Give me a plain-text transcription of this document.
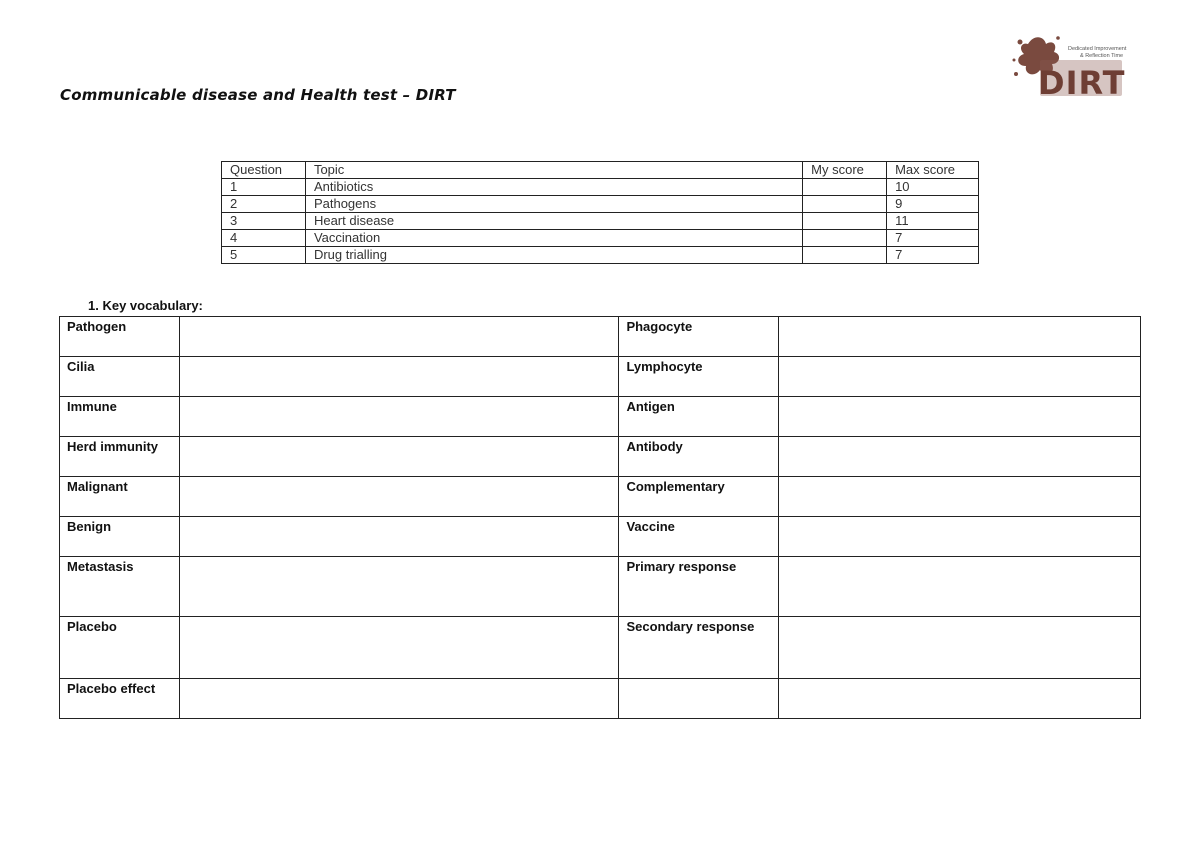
Communicable disease and Health test – DIRT
Dedicated Improvement
& Reflection Time
DIRT
Question	Topic	My score	Max score
1	Antibiotics		10
2	Pathogens		9
3	Heart disease		11
4	Vaccination		7
5	Drug trialling		7
1. Key vocabulary:
Pathogen		Phagocyte	
Cilia		Lymphocyte	
Immune		Antigen	
Herd immunity		Antibody	
Malignant		Complementary	
Benign		Vaccine	
Metastasis		Primary response	
Placebo		Secondary response	
Placebo effect			
